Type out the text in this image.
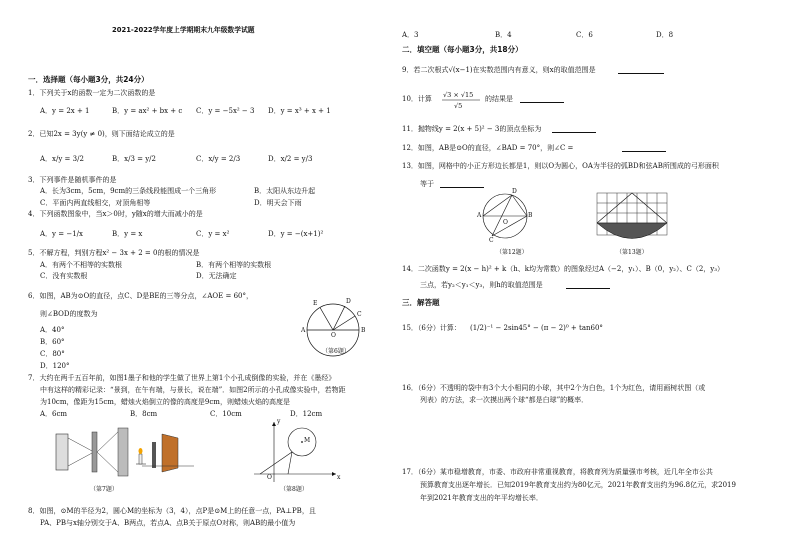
2021-2022学年度上学期期末九年级数学试题
一．选择题（每小题3分，共24分）
1．下列关于x的函数一定为二次函数的是
A．y = 2x + 1	B．y = ax² + bx + c C．y = −5x² − 3 D．y = x³ + x + 1
2．已知2x = 3y(y ≠ 0)，则下面结论成立的是
A．x/y = 3/2	B．x/3 = y/2	C．x/y = 2/3	D．x/2 = y/3
3．下列事件是随机事件的是
A．长为3cm，5cm，9cm的三条线段能围成一个三角形	B．太阳从东边升起
C．平面内两直线相交，对顶角相等	D．明天会下雨
4．下列函数图象中，当x＞0时，y随x的增大而减小的是
A．y = −1/x	B．y = x	C．y = x²	D．y = −(x+1)²
5．不解方程，判别方程x² − 3x + 2 = 0的根的情况是
A．有两个不相等的实数根	B．有两个相等的实数根
C．没有实数根	D．无法确定
6．如图，AB为⊙O的直径，点C、D是BE的三等分点，∠AOE = 60°，
则∠BOD的度数为
A．40°
B．60°
C．80°
D．120°
E	D
C
A
O
B
（第6题）
7．大约在两千五百年前，如图1墨子和他的学生做了世界上第1个小孔成倒像的实验，并在《墨经》
中有这样的精彩记录：“景到，在午有端，与景长，说在端”．如图2所示的小孔成像实验中，若物距
为10cm，像距为15cm，蜡烛火焰倒立的像的高度是9cm，则蜡烛火焰的高度是
A．6cm	B．8cm	C．10cm	D．12cm
（第7题）
y
x
M
O
（第8题）
8．如图，⊙M的半径为2，圆心M的坐标为（3，4），点P是⊙M上的任意一点，PA⊥PB，且
PA、PB与x轴分别交于A、B两点，若点A、点B关于原点O对称，则AB的最小值为
A．3	B．4	C．6	D．8
二．填空题（每小题3分，共18分）
9．若二次根式√(x−1)在实数范围内有意义，则x的取值范围是
10．计算 √3 × √15
√5
的结果是
11．抛物线y = 2(x + 5)² − 3的顶点坐标为
12．如图，AB是⊙O的直径，∠BAD = 70°，则∠C =
13．如图，网格中的小正方形边长都是1，则以O为圆心，OA为半径的弧BD和弦AB所围成的弓形面积
等于
A	B
D
C
O
（第12题）	（第13题）
14．二次函数y = 2(x − h)² + k（h、k均为常数）的图象经过A（−2，y₁）、B（0，y₂）、C（2，y₃）
三点，若y₂＜y₁＜y₃，则h的取值范围是
三．解答题
15．（6分）计算： (1/2)⁻¹ − 2sin45° − (π − 2)⁰ + tan60°
16．（6分）不透明的袋中有3个大小相同的小球，其中2个为白色，1个为红色，请用画树状图（或
列表）的方法，求一次摸出两个球“都是白球”的概率．
17．（6分）某市稳增教育，市委、市政府非常重视教育，将教育列为质量强市考核，近几年全市公共
预算教育支出逐年增长．已知2019年教育支出约为80亿元，2021年教育支出约为96.8亿元，求2019
年到2021年教育支出的年平均增长率．
